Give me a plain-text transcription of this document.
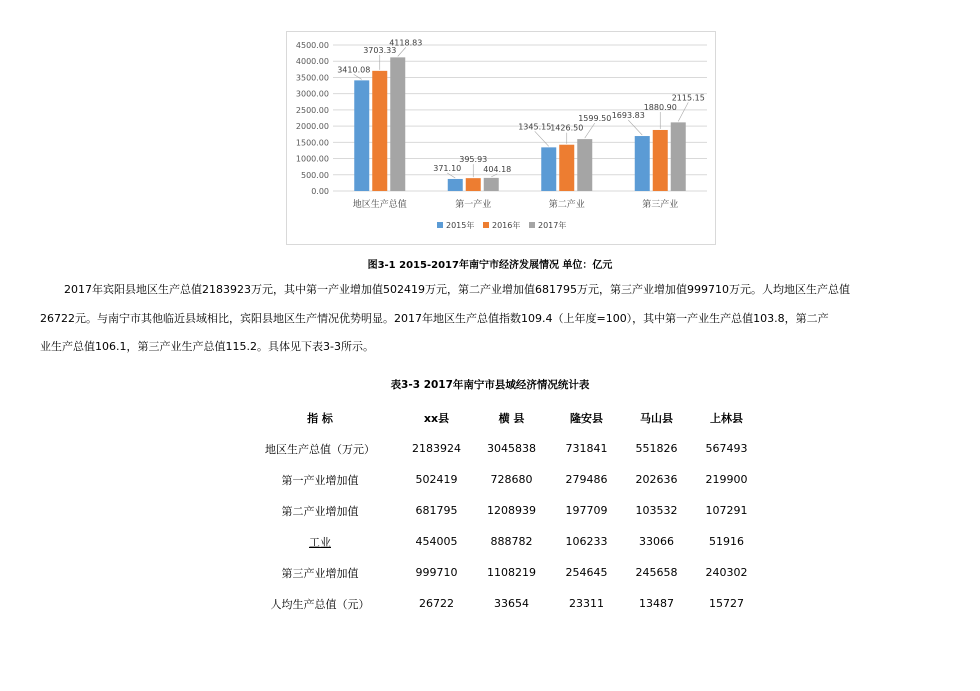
4500.00
4000.00
3500.00
3000.00
2500.00
2000.00
1500.00
1000.00
500.00
0.00
3410.08
3703.33
4118.83
地区生产总值
371.10
395.93
404.18
第一产业
1345.15
1426.50
1599.50
第二产业
1693.83
1880.90
2115.15
第三产业
2015年 2016年 2017年
图3-1 2015-2017年南宁市经济发展情况 单位：亿元
2017年宾阳县地区生产总值2183923万元，其中第一产业增加值502419万元，第二产业增加值681795万元，第三产业增加值999710万元。人均地区生产总值
26722元。与南宁市其他临近县域相比，宾阳县地区生产情况优势明显。2017年地区生产总值指数109.4（上年度=100），其中第一产业生产总值103.8，第二产
业生产总值106.1，第三产业生产总值115.2。具体见下表3-3所示。
表3-3 2017年南宁市县域经济情况统计表
指 标	xx县	横 县	隆安县	马山县	上林县
地区生产总值（万元）	2183924	3045838	731841	551826	567493
第一产业增加值	502419	728680	279486	202636	219900
第二产业增加值	681795	1208939	197709	103532	107291
工业	454005	888782	106233	33066	51916
第三产业增加值	999710	1108219	254645	245658	240302
人均生产总值（元）	26722	33654	23311	13487	15727
